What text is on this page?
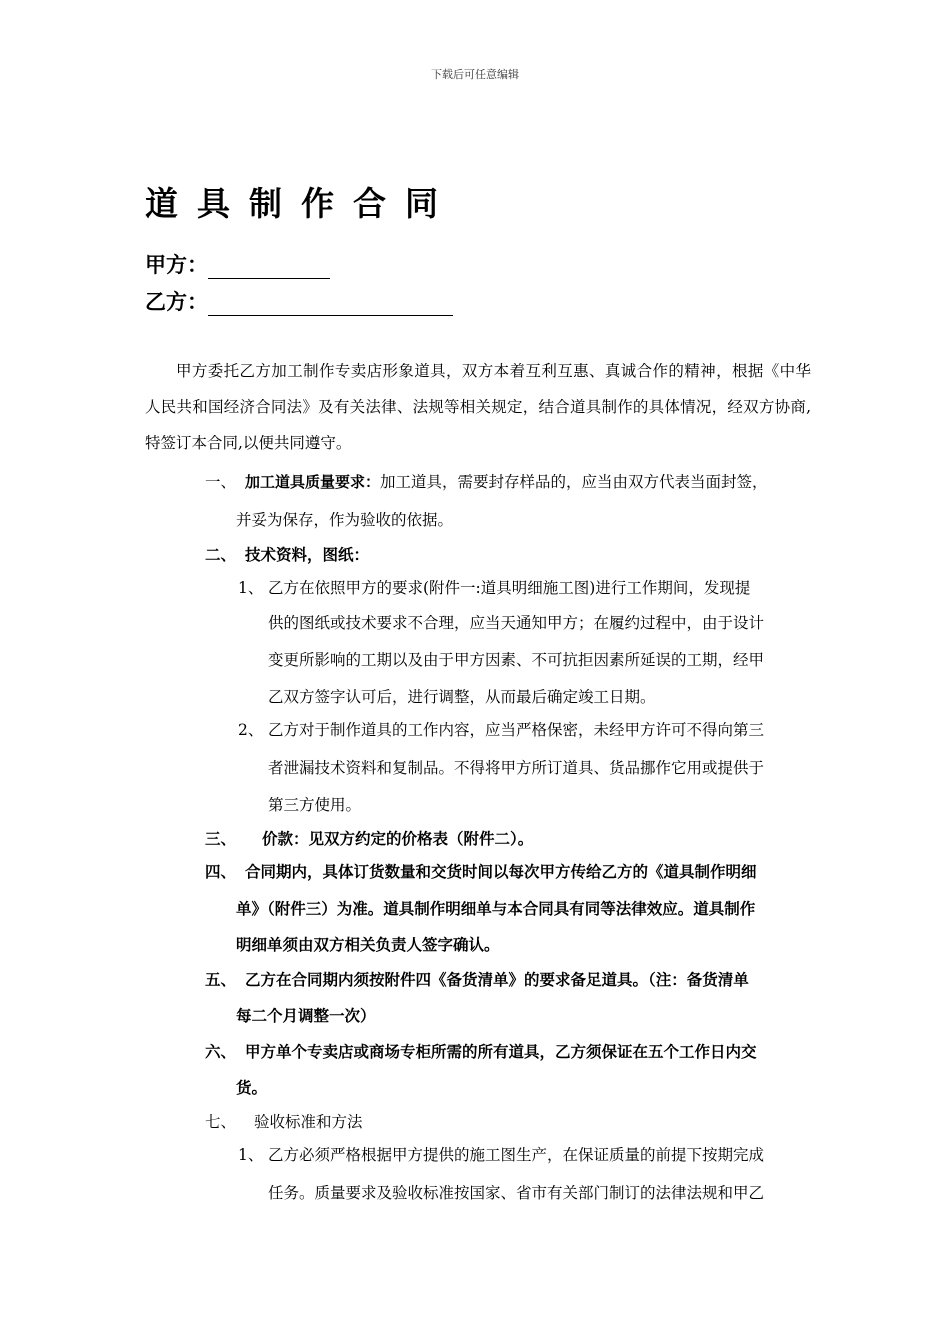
下载后可任意编辑
道具制作合同
甲方：
乙方：
甲方委托乙方加工制作专卖店形象道具，双方本着互利互惠、真诚合作的精神，根据《中华人民共和国经济合同法》及有关法律、法规等相关规定，结合道具制作的具体情况，经双方协商,特签订本合同,以便共同遵守。
一、 加工道具质量要求：加工道具，需要封存样品的，应当由双方代表当面封签，
并妥为保存，作为验收的依据。
二、 技术资料，图纸：
1、 乙方在依照甲方的要求(附件一:道具明细施工图)进行工作期间，发现提
供的图纸或技术要求不合理，应当天通知甲方；在履约过程中，由于设计
变更所影响的工期以及由于甲方因素、不可抗拒因素所延误的工期，经甲
乙双方签字认可后，进行调整，从而最后确定竣工日期。
2、 乙方对于制作道具的工作内容，应当严格保密，未经甲方许可不得向第三
者泄漏技术资料和复制品。不得将甲方所订道具、货品挪作它用或提供于
第三方使用。
三、 价款：见双方约定的价格表（附件二）。
四、 合同期内，具体订货数量和交货时间以每次甲方传给乙方的《道具制作明细
单》（附件三）为准。道具制作明细单与本合同具有同等法律效应。道具制作
明细单须由双方相关负责人签字确认。
五、 乙方在合同期内须按附件四《备货清单》的要求备足道具。（注：备货清单
每二个月调整一次）
六、 甲方单个专卖店或商场专柜所需的所有道具，乙方须保证在五个工作日内交
货。
七、 验收标准和方法
1、 乙方必须严格根据甲方提供的施工图生产，在保证质量的前提下按期完成
任务。质量要求及验收标准按国家、省市有关部门制订的法律法规和甲乙
